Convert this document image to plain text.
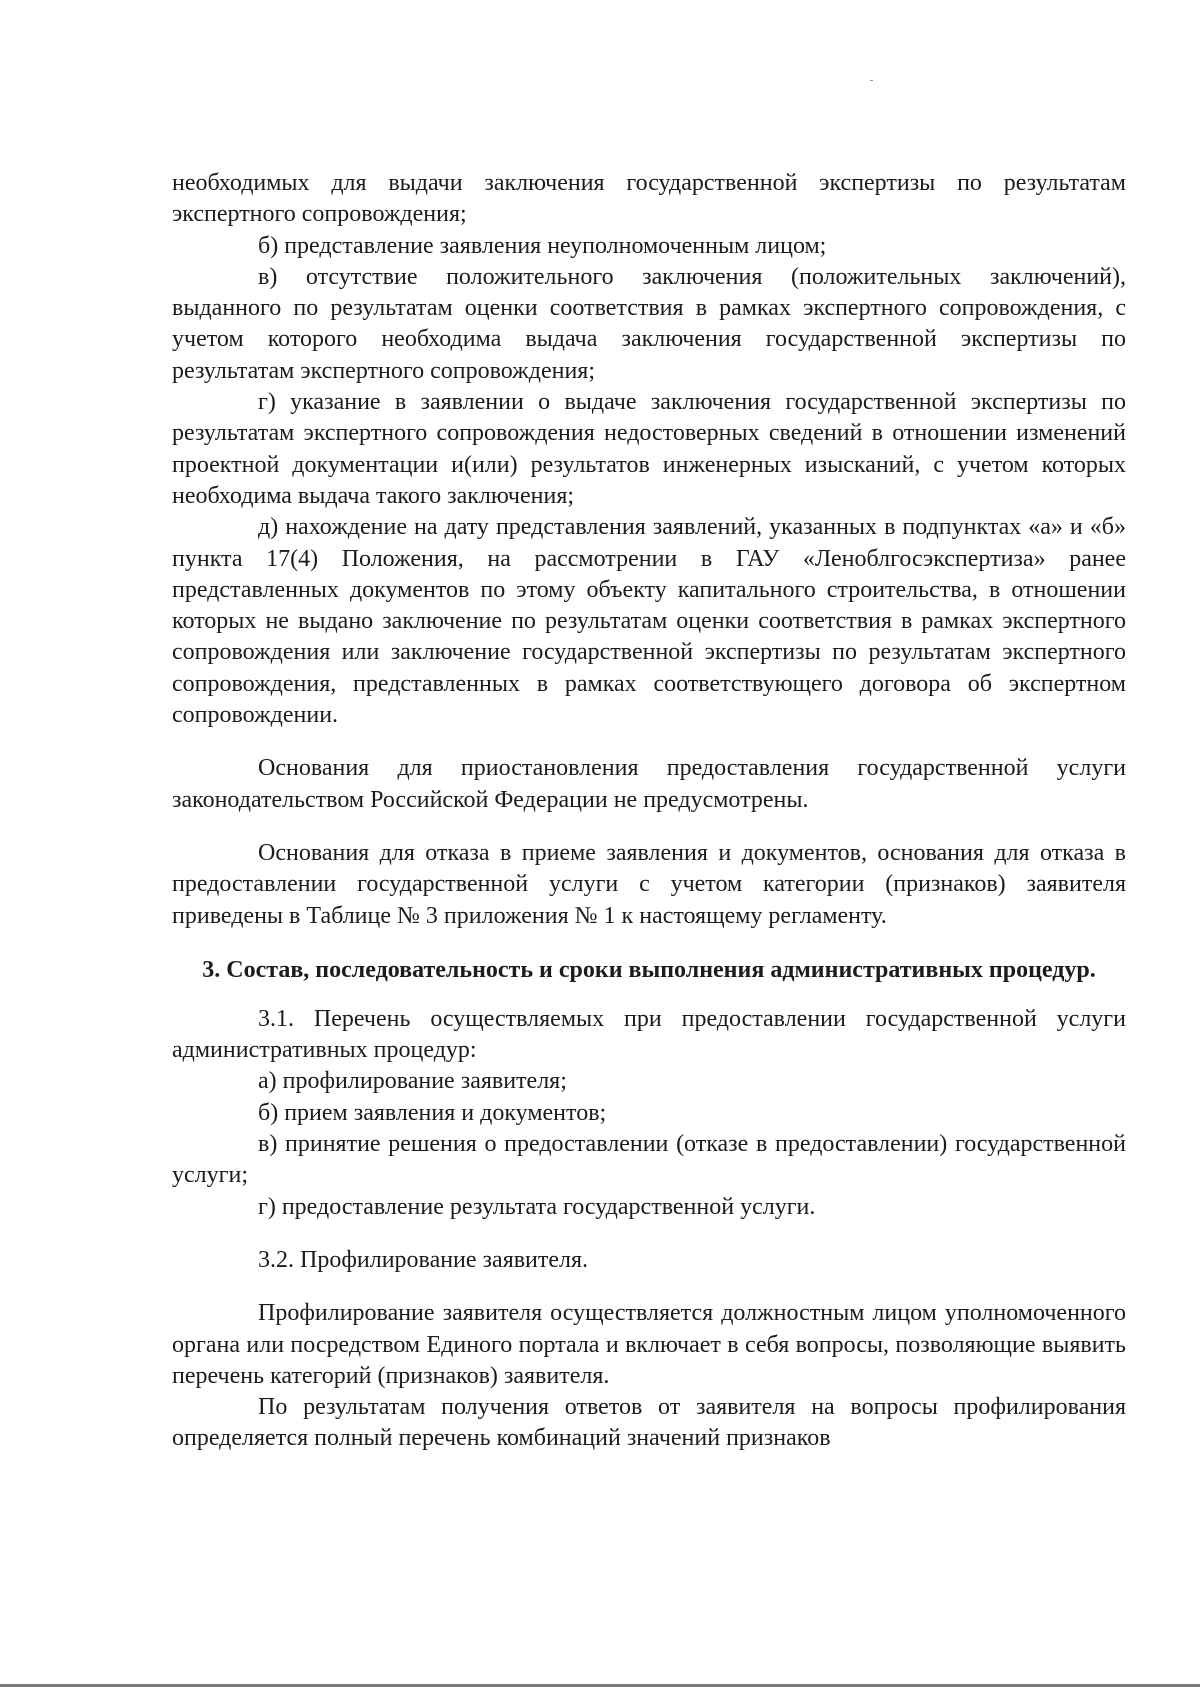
необходимых для выдачи заключения государственной экспертизы по результатам экспертного сопровождения;

б) представление заявления неуполномоченным лицом;

в) отсутствие положительного заключения (положительных заключений), выданного по результатам оценки соответствия в рамках экспертного сопровождения, с учетом которого необходима выдача заключения государственной экспертизы по результатам экспертного сопровождения;

г) указание в заявлении о выдаче заключения государственной экспертизы по результатам экспертного сопровождения недостоверных сведений в отношении изменений проектной документации и(или) результатов инженерных изысканий, с учетом которых необходима выдача такого заключения;

д) нахождение на дату представления заявлений, указанных в подпунктах «а» и «б» пункта 17(4) Положения, на рассмотрении в ГАУ «Леноблгосэкспертиза» ранее представленных документов по этому объекту капитального строительства, в отношении которых не выдано заключение по результатам оценки соответствия в рамках экспертного сопровождения или заключение государственной экспертизы по результатам экспертного сопровождения, представленных в рамках соответствующего договора об экспертном сопровождении.

Основания для приостановления предоставления государственной услуги законодательством Российской Федерации не предусмотрены.

Основания для отказа в приеме заявления и документов, основания для отказа в предоставлении государственной услуги с учетом категории (признаков) заявителя приведены в Таблице № 3 приложения № 1 к настоящему регламенту.

3. Состав, последовательность и сроки выполнения административных процедур.

3.1. Перечень осуществляемых при предоставлении государственной услуги административных процедур:

а) профилирование заявителя;

б) прием заявления и документов;

в) принятие решения о предоставлении (отказе в предоставлении) государственной услуги;

г) предоставление результата государственной услуги.

3.2. Профилирование заявителя.

Профилирование заявителя осуществляется должностным лицом уполномоченного органа или посредством Единого портала и включает в себя вопросы, позволяющие выявить перечень категорий (признаков) заявителя.

По результатам получения ответов от заявителя на вопросы профилирования определяется полный перечень комбинаций значений признаков
